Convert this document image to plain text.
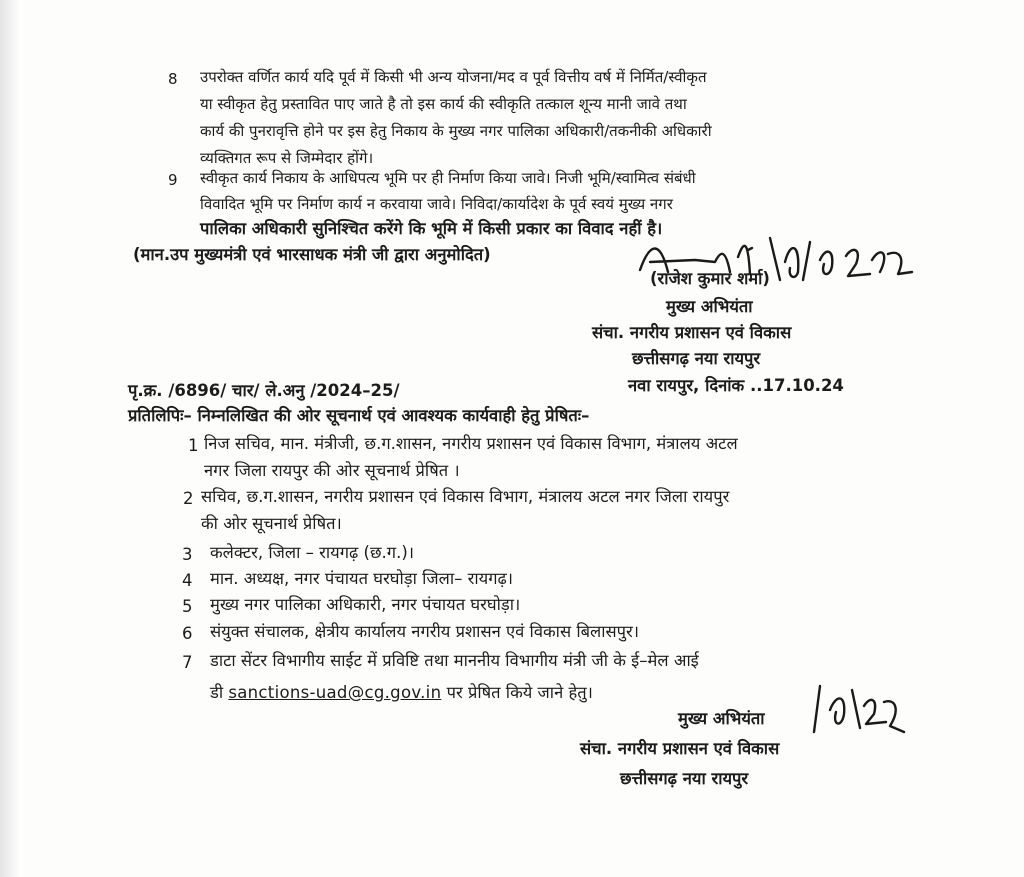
8 उपरोक्त वर्णित कार्य यदि पूर्व में किसी भी अन्य योजना/मद व पूर्व वित्तीय वर्ष में निर्मित/स्वीकृत
या स्वीकृत हेतु प्रस्तावित पाए जाते है तो इस कार्य की स्वीकृति तत्काल शून्य मानी जावे तथा
कार्य की पुनरावृत्ति होने पर इस हेतु निकाय के मुख्य नगर पालिका अधिकारी/तकनीकी अधिकारी
व्यक्तिगत रूप से जिम्मेदार होंगे।
9 स्वीकृत कार्य निकाय के आधिपत्य भूमि पर ही निर्माण किया जावे। निजी भूमि/स्वामित्व संबंधी
विवादित भूमि पर निर्माण कार्य न करवाया जावे। निविदा/कार्यादेश के पूर्व स्वयं मुख्य नगर
पालिका अधिकारी सुनिश्चित करेंगे कि भूमि में किसी प्रकार का विवाद नहीं है।
(मान.उप मुख्यमंत्री एवं भारसाधक मंत्री जी द्वारा अनुमोदित)
(राजेश कुमार शर्मा)
मुख्य अभियंता
संचा. नगरीय प्रशासन एवं विकास
छत्तीसगढ़ नया रायपुर
नवा रायपुर, दिनांक ..17.10.24
पृ.क्र. /6896/ चार/ ले.अनु /2024–25/
प्रतिलिपिः– निम्नलिखित की ओर सूचनार्थ एवं आवश्यक कार्यवाही हेतु प्रेषितः–
1 निज सचिव, मान. मंत्रीजी, छ.ग.शासन, नगरीय प्रशासन एवं विकास विभाग, मंत्रालय अटल
नगर जिला रायपुर की ओर सूचनार्थ प्रेषित ।
2 सचिव, छ.ग.शासन, नगरीय प्रशासन एवं विकास विभाग, मंत्रालय अटल नगर जिला रायपुर
की ओर सूचनार्थ प्रेषित।
3 कलेक्टर, जिला – रायगढ़ (छ.ग.)।
4 मान. अध्यक्ष, नगर पंचायत घरघोड़ा जिला– रायगढ़।
5 मुख्य नगर पालिका अधिकारी, नगर पंचायत घरघोड़ा।
6 संयुक्त संचालक, क्षेत्रीय कार्यालय नगरीय प्रशासन एवं विकास बिलासपुर।
7 डाटा सेंटर विभागीय साईट में प्रविष्टि तथा माननीय विभागीय मंत्री जी के ई–मेल आई
डी sanctions-uad@cg.gov.in पर प्रेषित किये जाने हेतु।
मुख्य अभियंता
संचा. नगरीय प्रशासन एवं विकास
छत्तीसगढ़ नया रायपुर
